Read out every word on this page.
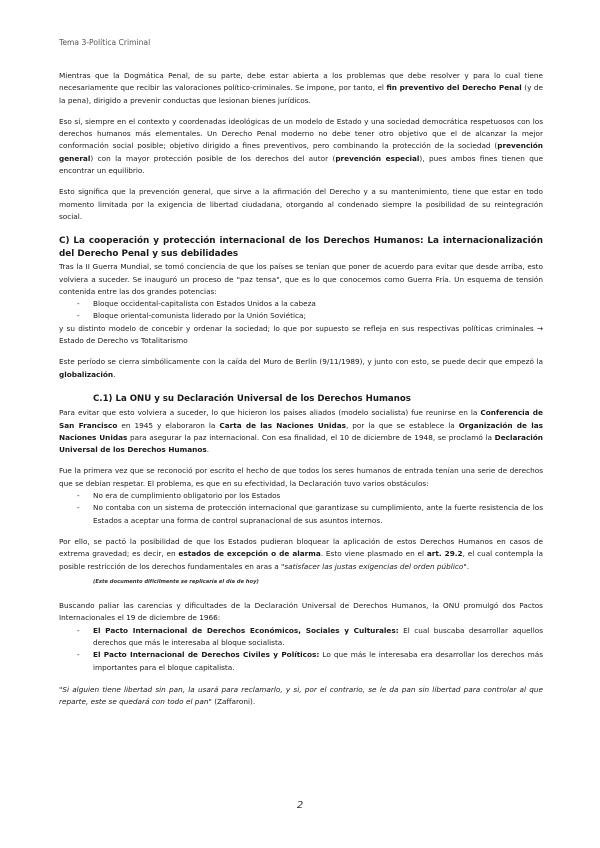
Tema 3-Política Criminal

Mientras que la Dogmática Penal, de su parte, debe estar abierta a los problemas que debe resolver y para lo cual tiene necesariamente que recibir las valoraciones político-criminales. Se impone, por tanto, el fin preventivo del Derecho Penal (y de la pena), dirigido a prevenir conductas que lesionan bienes jurídicos.

Eso sí, siempre en el contexto y coordenadas ideológicas de un modelo de Estado y una sociedad democrática respetuosos con los derechos humanos más elementales. Un Derecho Penal moderno no debe tener otro objetivo que el de alcanzar la mejor conformación social posible; objetivo dirigido a fines preventivos, pero combinando la protección de la sociedad (prevención general) con la mayor protección posible de los derechos del autor (prevención especial), pues ambos fines tienen que encontrar un equilibrio.

Esto significa que la prevención general, que sirve a la afirmación del Derecho y a su mantenimiento, tiene que estar en todo momento limitada por la exigencia de libertad ciudadana, otorgando al condenado siempre la posibilidad de su reintegración social.

C) La cooperación y protección internacional de los Derechos Humanos: La internacionalización del Derecho Penal y sus debilidades

Tras la II Guerra Mundial, se tomó conciencia de que los países se tenían que poner de acuerdo para evitar que desde arriba, esto volviera a suceder. Se inauguró un proceso de "paz tensa", que es lo que conocemos como Guerra Fría. Un esquema de tensión contenida entre las dos grandes potencias:

- Bloque occidental-capitalista con Estados Unidos a la cabeza
- Bloque oriental-comunista liderado por la Unión Soviética;

y su distinto modelo de concebir y ordenar la sociedad; lo que por supuesto se refleja en sus respectivas políticas criminales → Estado de Derecho vs Totalitarismo

Este período se cierra simbólicamente con la caída del Muro de Berlín (9/11/1989), y junto con esto, se puede decir que empezó la globalización.

C.1) La ONU y su Declaración Universal de los Derechos Humanos

Para evitar que esto volviera a suceder, lo que hicieron los países aliados (modelo socialista) fue reunirse en la Conferencia de San Francisco en 1945 y elaboraron la Carta de las Naciones Unidas, por la que se establece la Organización de las Naciones Unidas para asegurar la paz internacional. Con esa finalidad, el 10 de diciembre de 1948, se proclamó la Declaración Universal de los Derechos Humanos.

Fue la primera vez que se reconoció por escrito el hecho de que todos los seres humanos de entrada tenían una serie de derechos que se debían respetar. El problema, es que en su efectividad, la Declaración tuvo varios obstáculos:

- No era de cumplimiento obligatorio por los Estados
- No contaba con un sistema de protección internacional que garantizase su cumplimiento, ante la fuerte resistencia de los Estados a aceptar una forma de control supranacional de sus asuntos internos.

Por ello, se pactó la posibilidad de que los Estados pudieran bloquear la aplicación de estos Derechos Humanos en casos de extrema gravedad; es decir, en estados de excepción o de alarma. Esto viene plasmado en el art. 29.2, el cual contempla la posible restricción de los derechos fundamentales en aras a "satisfacer las justas exigencias del orden público".

(Este documento difícilmente se replicaría el día de hoy)

Buscando paliar las carencias y dificultades de la Declaración Universal de Derechos Humanos, la ONU promulgó dos Pactos Internacionales el 19 de diciembre de 1966:

- El Pacto Internacional de Derechos Económicos, Sociales y Culturales: El cual buscaba desarrollar aquellos derechos que más le interesaba al bloque socialista.
- El Pacto Internacional de Derechos Civiles y Políticos: Lo que más le interesaba era desarrollar los derechos más importantes para el bloque capitalista.

"Si alguien tiene libertad sin pan, la usará para reclamarlo, y si, por el contrario, se le da pan sin libertad para controlar al que reparte, este se quedará con todo el pan" (Zaffaroni).

2
